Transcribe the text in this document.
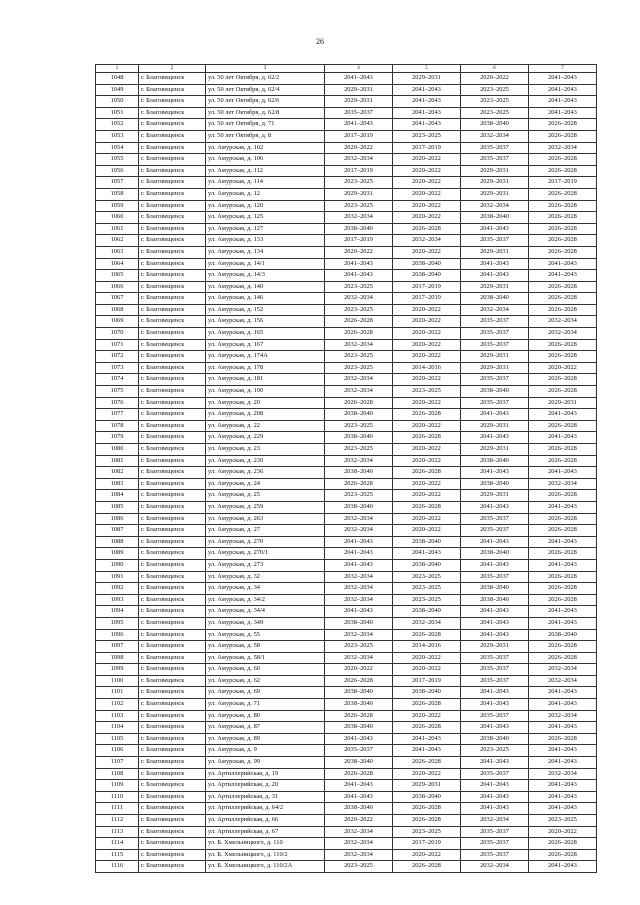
26
1	2	3	4	5	6	7
1048	г. Благовещенск	ул. 50 лет Октября, д. 62/2	2041–2043	2029–2031	2020–2022	2041–2043
1049	г. Благовещенск	ул. 50 лет Октября, д. 62/4	2029–2031	2041–2043	2023–2025	2041–2043
1050	г. Благовещенск	ул. 50 лет Октября, д. 62/6	2029–2031	2041–2043	2023–2025	2041–2043
1051	г. Благовещенск	ул. 50 лет Октября, д. 62/8	2035–2037	2041–2043	2023–2025	2041–2043
1052	г. Благовещенск	ул. 50 лет Октября, д. 71	2041–2043	2041–2043	2038–2040	2026–2028
1053	г. Благовещенск	ул. 50 лет Октября, д. 8	2017–2019	2023–2025	2032–2034	2026–2028
1054	г. Благовещенск	ул. Амурская, д. 102	2020–2022	2017–2019	2035–2037	2032–2034
1055	г. Благовещенск	ул. Амурская, д. 106	2032–2034	2020–2022	2035–2037	2026–2028
1056	г. Благовещенск	ул. Амурская, д. 112	2017–2019	2020–2022	2029–2031	2026–2028
1057	г. Благовещенск	ул. Амурская, д. 114	2023–2025	2020–2022	2029–2031	2017–2019
1058	г. Благовещенск	ул. Амурская, д. 12	2029–2031	2020–2022	2029–2031	2026–2028
1059	г. Благовещенск	ул. Амурская, д. 120	2023–2025	2020–2022	2032–2034	2026–2028
1060	г. Благовещенск	ул. Амурская, д. 125	2032–2034	2020–2022	2038–2040	2026–2028
1061	г. Благовещенск	ул. Амурская, д. 127	2038–2040	2026–2028	2041–2043	2026–2028
1062	г. Благовещенск	ул. Амурская, д. 133	2017–2019	2032–2034	2035–2037	2026–2028
1063	г. Благовещенск	ул. Амурская, д. 134	2020–2022	2020–2022	2029–2031	2026–2028
1064	г. Благовещенск	ул. Амурская, д. 14/1	2041–2043	2038–2040	2041–2043	2041–2043
1065	г. Благовещенск	ул. Амурская, д. 14/3	2041–2043	2038–2040	2041–2043	2041–2043
1066	г. Благовещенск	ул. Амурская, д. 140	2023–2025	2017–2019	2029–2031	2026–2028
1067	г. Благовещенск	ул. Амурская, д. 146	2032–2034	2017–2019	2038–2040	2026–2028
1068	г. Благовещенск	ул. Амурская, д. 152	2023–2025	2020–2022	2032–2034	2026–2028
1069	г. Благовещенск	ул. Амурская, д. 156	2026–2028	2020–2022	2035–2037	2032–2034
1070	г. Благовещенск	ул. Амурская, д. 165	2026–2028	2020–2022	2035–2037	2032–2034
1071	г. Благовещенск	ул. Амурская, д. 167	2032–2034	2020–2022	2035–2037	2026–2028
1072	г. Благовещенск	ул. Амурская, д. 174А	2023–2025	2020–2022	2029–2031	2026–2028
1073	г. Благовещенск	ул. Амурская, д. 178	2023–2025	2014–2016	2029–2031	2020–2022
1074	г. Благовещенск	ул. Амурская, д. 181	2032–2034	2020–2022	2035–2037	2026–2028
1075	г. Благовещенск	ул. Амурская, д. 190	2032–2034	2023–2025	2038–2040	2026–2028
1076	г. Благовещенск	ул. Амурская, д. 20	2026–2028	2020–2022	2035–2037	2029–2031
1077	г. Благовещенск	ул. Амурская, д. 208	2038–2040	2026–2028	2041–2043	2041–2043
1078	г. Благовещенск	ул. Амурская, д. 22	2023–2025	2020–2022	2029–2031	2026–2028
1079	г. Благовещенск	ул. Амурская, д. 229	2038–2040	2026–2028	2041–2043	2041–2043
1080	г. Благовещенск	ул. Амурская, д. 23	2023–2025	2020–2022	2029–2031	2026–2028
1081	г. Благовещенск	ул. Амурская, д. 230	2032–2034	2020–2022	2038–2040	2026–2028
1082	г. Благовещенск	ул. Амурская, д. 236	2038–2040	2026–2028	2041–2043	2041–2043
1083	г. Благовещенск	ул. Амурская, д. 24	2026–2028	2020–2022	2038–2040	2032–2034
1084	г. Благовещенск	ул. Амурская, д. 25	2023–2025	2020–2022	2029–2031	2026–2028
1085	г. Благовещенск	ул. Амурская, д. 259	2038–2040	2026–2028	2041–2043	2041–2043
1086	г. Благовещенск	ул. Амурская, д. 263	2032–2034	2020–2022	2035–2037	2026–2028
1087	г. Благовещенск	ул. Амурская, д. 27	2032–2034	2020–2022	2035–2037	2026–2028
1088	г. Благовещенск	ул. Амурская, д. 270	2041–2043	2038–2040	2041–2043	2041–2043
1089	г. Благовещенск	ул. Амурская, д. 270/1	2041–2043	2041–2043	2038–2040	2026–2028
1090	г. Благовещенск	ул. Амурская, д. 273	2041–2043	2038–2040	2041–2043	2041–2043
1091	г. Благовещенск	ул. Амурская, д. 32	2032–2034	2023–2025	2035–2037	2026–2028
1092	г. Благовещенск	ул. Амурская, д. 34	2032–2034	2023–2025	2038–2040	2026–2028
1093	г. Благовещенск	ул. Амурская, д. 34/2	2032–2034	2023–2025	2038–2040	2026–2028
1094	г. Благовещенск	ул. Амурская, д. 34/4	2041–2043	2038–2040	2041–2043	2041–2043
1095	г. Благовещенск	ул. Амурская, д. 349	2038–2040	2032–2034	2041–2043	2041–2043
1096	г. Благовещенск	ул. Амурская, д. 55	2032–2034	2026–2028	2041–2043	2038–2040
1097	г. Благовещенск	ул. Амурская, д. 58	2023–2025	2014–2016	2029–2031	2026–2028
1098	г. Благовещенск	ул. Амурская, д. 58/1	2032–2034	2020–2022	2035–2037	2026–2028
1099	г. Благовещенск	ул. Амурская, д. 60	2020–2022	2020–2022	2035–2037	2032–2034
1100	г. Благовещенск	ул. Амурская, д. 62	2026–2028	2017–2019	2035–2037	2032–2034
1101	г. Благовещенск	ул. Амурская, д. 69	2038–2040	2038–2040	2041–2043	2041–2043
1102	г. Благовещенск	ул. Амурская, д. 71	2038–2040	2026–2028	2041–2043	2041–2043
1103	г. Благовещенск	ул. Амурская, д. 80	2026–2028	2020–2022	2035–2037	2032–2034
1104	г. Благовещенск	ул. Амурская, д. 87	2038–2040	2026–2028	2041–2043	2041–2043
1105	г. Благовещенск	ул. Амурская, д. 89	2041–2043	2041–2043	2038–2040	2026–2028
1106	г. Благовещенск	ул. Амурская, д. 9	2035–2037	2041–2043	2023–2025	2041–2043
1107	г. Благовещенск	ул. Амурская, д. 99	2038–2040	2026–2028	2041–2043	2041–2043
1108	г. Благовещенск	ул. Артиллерийская, д. 19	2026–2028	2020–2022	2035–2037	2032–2034
1109	г. Благовещенск	ул. Артиллерийская, д. 20	2041–2043	2029–2031	2041–2043	2041–2043
1110	г. Благовещенск	ул. Артиллерийская, д. 31	2041–2043	2038–2040	2041–2043	2041–2043
1111	г. Благовещенск	ул. Артиллерийская, д. 64/2	2038–2040	2026–2028	2041–2043	2041–2043
1112	г. Благовещенск	ул. Артиллерийская, д. 66	2020–2022	2026–2028	2032–2034	2023–2025
1113	г. Благовещенск	ул. Артиллерийская, д. 67	2032–2034	2023–2025	2035–2037	2020–2022
1114	г. Благовещенск	ул. Б. Хмельницкого, д. 110	2032–2034	2017–2019	2035–2037	2026–2028
1115	г. Благовещенск	ул. Б. Хмельницкого, д. 110/2	2032–2034	2020–2022	2035–2037	2026–2028
1116	г. Благовещенск	ул. Б. Хмельницкого, д. 110/2А	2023–2025	2026–2028	2032–2034	2041–2043
